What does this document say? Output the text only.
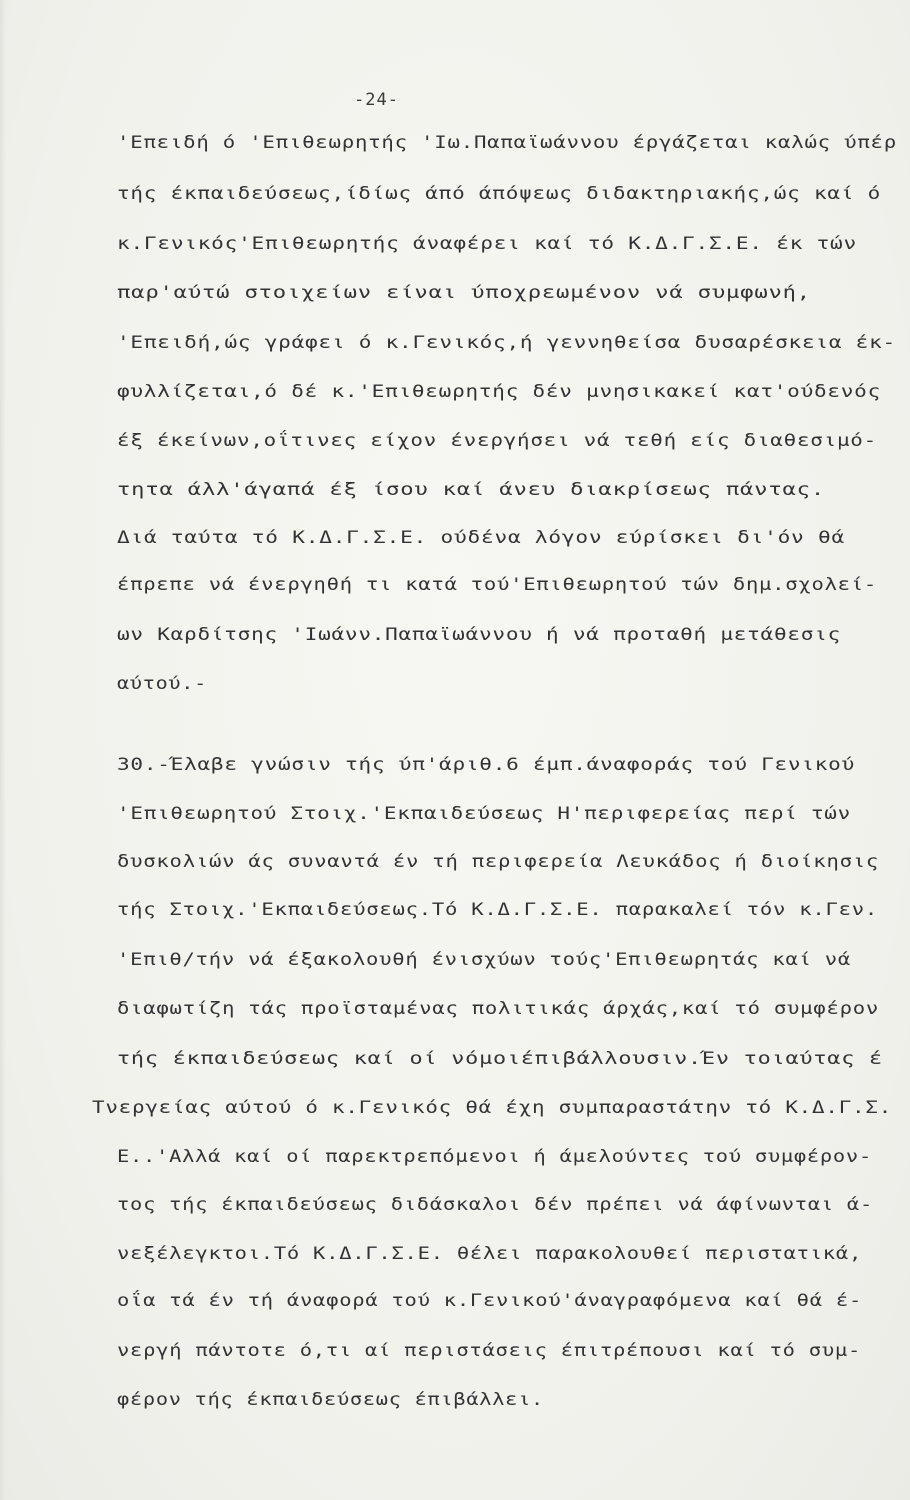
-24-
'Επειδή ό 'Επιθεωρητής 'Ιω.Παπαϊωάννου έργάζεται καλώς ύπέρ
τής έκπαιδεύσεως,ίδίως άπό άπόψεως διδακτηριακής,ώς καί ό
κ.Γενικός'Επιθεωρητής άναφέρει καί τό Κ.Δ.Γ.Σ.Ε. έκ τών
παρ'αύτώ στοιχείων είναι ύποχρεωμένον νά συμφωνή,
'Επειδή,ώς γράφει ό κ.Γενικός,ή γεννηθείσα δυσαρέσκεια έκ-
φυλλίζεται,ό δέ κ.'Επιθεωρητής δέν μνησικακεί κατ'ούδενός
έξ έκείνων,οΐτινες είχον ένεργήσει νά τεθή είς διαθεσιμό-
τητα άλλ'άγαπά έξ ίσου καί άνευ διακρίσεως πάντας.
Διά ταύτα τό Κ.Δ.Γ.Σ.Ε. ούδένα λόγον εύρίσκει δι'όν θά
έπρεπε νά ένεργηθή τι κατά τού'Επιθεωρητού τών δημ.σχολεί-
ων Καρδίτσης 'Ιωάνν.Παπαϊωάννου ή νά προταθή μετάθεσις
αύτού.-
30.-Έλαβε γνώσιν τής ύπ'άριθ.6 έμπ.άναφοράς τού Γενικού
'Επιθεωρητού Στοιχ.'Εκπαιδεύσεως Η'περιφερείας περί τών
δυσκολιών άς συναντά έν τή περιφερεία Λευκάδος ή διοίκησις
τής Στοιχ.'Εκπαιδεύσεως.Τό Κ.Δ.Γ.Σ.Ε. παρακαλεί τόν κ.Γεν.
'Επιθ/τήν νά έξακολουθή ένισχύων τούς'Επιθεωρητάς καί νά
διαφωτίζη τάς προϊσταμένας πολιτικάς άρχάς,καί τό συμφέρον
τής έκπαιδεύσεως καί οί νόμοιέπιβάλλουσιν.Έν τοιαύτας έ
Τνεργείας αύτού ό κ.Γενικός θά έχη συμπαραστάτην τό Κ.Δ.Γ.Σ.
Ε..'Αλλά καί οί παρεκτρεπόμενοι ή άμελούντες τού συμφέρον-
τος τής έκπαιδεύσεως διδάσκαλοι δέν πρέπει νά άφίνωνται ά-
νεξέλεγκτοι.Τό Κ.Δ.Γ.Σ.Ε. θέλει παρακολουθεί περιστατικά,
οΐα τά έν τή άναφορά τού κ.Γενικού'άναγραφόμενα καί θά έ-
νεργή πάντοτε ό,τι αί περιστάσεις έπιτρέπουσι καί τό συμ-
φέρον τής έκπαιδεύσεως έπιβάλλει.
